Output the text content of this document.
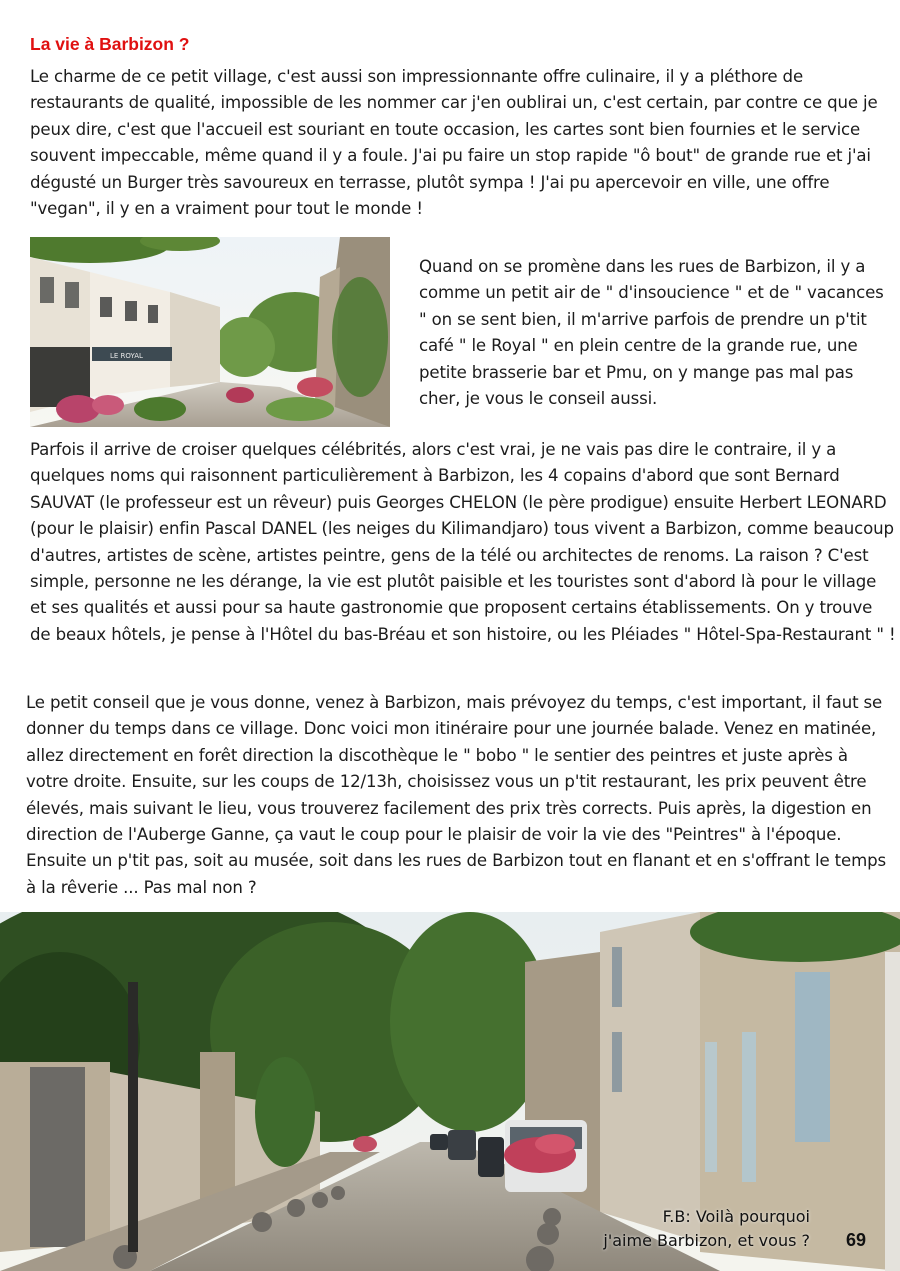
La vie à Barbizon ?

Le charme de ce petit village, c'est aussi son impressionnante offre culinaire, il y a pléthore de restaurants de qualité, impossible de les nommer car j'en oublirai un, c'est certain, par contre ce que je peux dire, c'est que l'accueil est souriant en toute occasion, les cartes sont bien fournies et le service souvent impeccable, même quand il y a foule. J'ai pu faire un stop rapide "ô bout" de grande rue et j'ai dégusté un Burger très savoureux en terrasse, plutôt sympa ! J'ai pu apercevoir en ville, une offre "vegan", il y en a vraiment pour tout le monde !

LE ROYAL

Quand on se promène dans les rues de Barbizon, il y a comme un petit air de " d'insoucience " et de " vacances " on se sent bien, il m'arrive parfois de prendre un p'tit café " le Royal " en plein centre de la grande rue, une petite brasserie bar et Pmu, on y mange pas mal pas cher, je vous le conseil aussi.

Parfois il arrive de croiser quelques célébrités, alors c'est vrai, je ne vais pas dire le contraire, il y a quelques noms qui raisonnent particulièrement à Barbizon, les 4 copains d'abord que sont Bernard SAUVAT (le professeur est un rêveur) puis Georges CHELON (le père prodigue) ensuite Herbert LEONARD (pour le plaisir) enfin Pascal DANEL (les neiges du Kilimandjaro) tous vivent a Barbizon, comme beaucoup d'autres, artistes de scène, artistes peintre, gens de la télé ou architectes de renoms. La raison ? C'est simple, personne ne les dérange, la vie est plutôt paisible et les touristes sont d'abord là pour le village et ses qualités et aussi pour sa haute gastronomie que proposent certains établissements. On y trouve de beaux hôtels, je pense à l'Hôtel du bas-Bréau et son histoire, ou les Pléiades " Hôtel-Spa-Restaurant " !

Le petit conseil que je vous donne, venez à Barbizon, mais prévoyez du temps, c'est important, il faut se donner du temps dans ce village. Donc voici mon itinéraire pour une journée balade. Venez en matinée, allez directement en forêt direction la discothèque le " bobo " le sentier des peintres et juste après à votre droite. Ensuite, sur les coups de 12/13h, choisissez vous un p'tit restaurant, les prix peuvent être élevés, mais suivant le lieu, vous trouverez facilement des prix très corrects. Puis après, la digestion en direction de l'Auberge Ganne, ça vaut le coup pour le plaisir de voir la vie des "Peintres" à l'époque. Ensuite un p'tit pas, soit au musée, soit dans les rues de Barbizon tout en flanant et en s'offrant le temps à la rêverie ... Pas mal non ?

F.B: Voilà pourquoi
j'aime Barbizon, et vous ? 69
